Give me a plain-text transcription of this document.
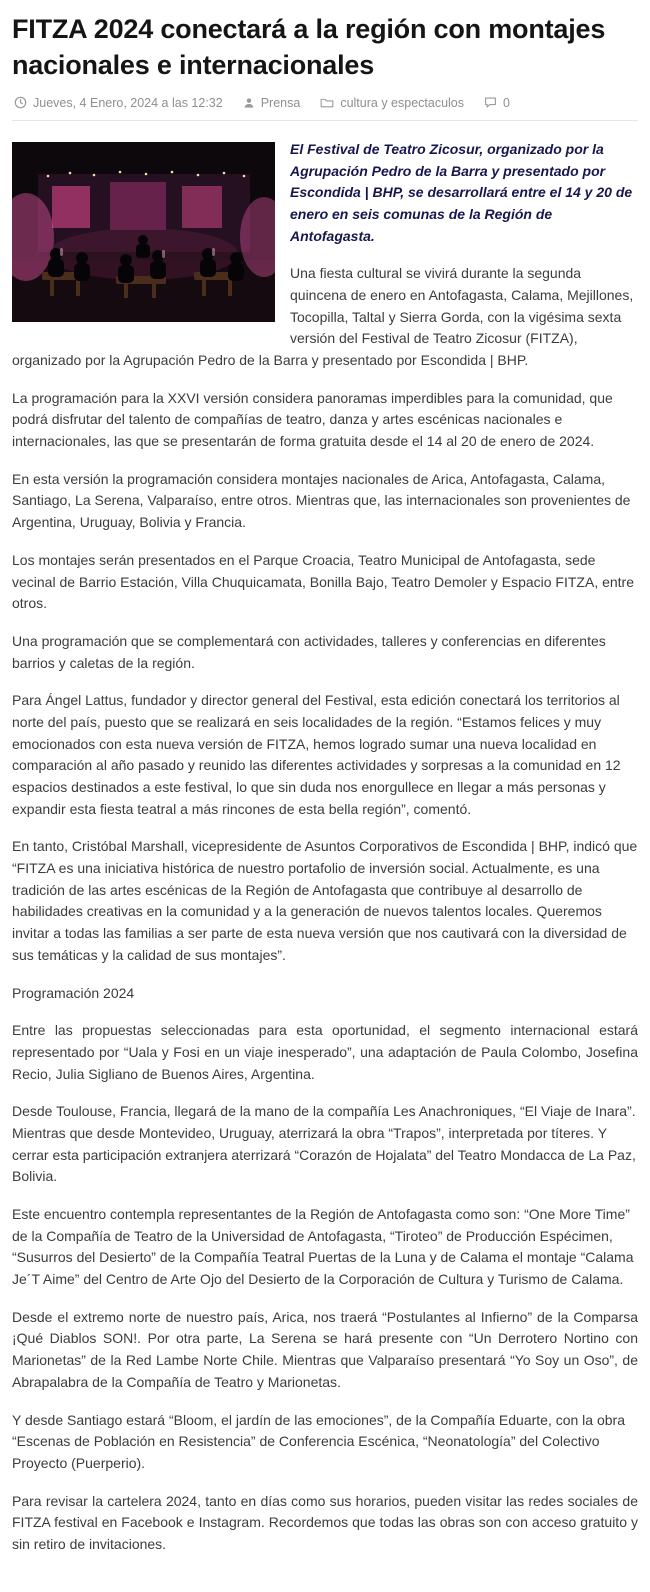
FITZA 2024 conectará a la región con montajes nacionales e internacionales
Jueves, 4 Enero, 2024 a las 12:32	Prensa	cultura y espectaculos	0

El Festival de Teatro Zicosur, organizado por la Agrupación Pedro de la Barra y presentado por Escondida | BHP, se desarrollará entre el 14 y 20 de enero en seis comunas de la Región de Antofagasta.

Una fiesta cultural se vivirá durante la segunda quincena de enero en Antofagasta, Calama, Mejillones, Tocopilla, Taltal y Sierra Gorda, con la vigésima sexta versión del Festival de Teatro Zicosur (FITZA), organizado por la Agrupación Pedro de la Barra y presentado por Escondida | BHP.

La programación para la XXVI versión considera panoramas imperdibles para la comunidad, que podrá disfrutar del talento de compañías de teatro, danza y artes escénicas nacionales e internacionales, las que se presentarán de forma gratuita desde el 14 al 20 de enero de 2024.

En esta versión la programación considera montajes nacionales de Arica, Antofagasta, Calama, Santiago, La Serena, Valparaíso, entre otros. Mientras que, las internacionales son provenientes de Argentina, Uruguay, Bolivia y Francia.

Los montajes serán presentados en el Parque Croacia, Teatro Municipal de Antofagasta, sede vecinal de Barrio Estación, Villa Chuquicamata, Bonilla Bajo, Teatro Demoler y Espacio FITZA, entre otros.

Una programación que se complementará con actividades, talleres y conferencias en diferentes barrios y caletas de la región.

Para Ángel Lattus, fundador y director general del Festival, esta edición conectará los territorios al norte del país, puesto que se realizará en seis localidades de la región. “Estamos felices y muy emocionados con esta nueva versión de FITZA, hemos logrado sumar una nueva localidad en comparación al año pasado y reunido las diferentes actividades y sorpresas a la comunidad en 12 espacios destinados a este festival, lo que sin duda nos enorgullece en llegar a más personas y expandir esta fiesta teatral a más rincones de esta bella región”, comentó.

En tanto, Cristóbal Marshall, vicepresidente de Asuntos Corporativos de Escondida | BHP, indicó que “FITZA es una iniciativa histórica de nuestro portafolio de inversión social. Actualmente, es una tradición de las artes escénicas de la Región de Antofagasta que contribuye al desarrollo de habilidades creativas en la comunidad y a la generación de nuevos talentos locales. Queremos invitar a todas las familias a ser parte de esta nueva versión que nos cautivará con la diversidad de sus temáticas y la calidad de sus montajes”.

Programación 2024

Entre las propuestas seleccionadas para esta oportunidad, el segmento internacional estará representado por “Uala y Fosi en un viaje inesperado”, una adaptación de Paula Colombo, Josefina Recio, Julia Sigliano de Buenos Aires, Argentina.

Desde Toulouse, Francia, llegará de la mano de la compañía Les Anachroniques, “El Viaje de Inara”. Mientras que desde Montevideo, Uruguay, aterrizará la obra “Trapos”, interpretada por títeres. Y cerrar esta participación extranjera aterrizará “Corazón de Hojalata” del Teatro Mondacca de La Paz, Bolivia.

Este encuentro contempla representantes de la Región de Antofagasta como son: “One More Time” de la Compañía de Teatro de la Universidad de Antofagasta, “Tiroteo” de Producción Espécimen, “Susurros del Desierto” de la Compañía Teatral Puertas de la Luna y de Calama el montaje “Calama Je´T Aime” del Centro de Arte Ojo del Desierto de la Corporación de Cultura y Turismo de Calama.

Desde el extremo norte de nuestro país, Arica, nos traerá “Postulantes al Infierno” de la Comparsa ¡Qué Diablos SON!. Por otra parte, La Serena se hará presente con “Un Derrotero Nortino con Marionetas” de la Red Lambe Norte Chile. Mientras que Valparaíso presentará “Yo Soy un Oso”, de Abrapalabra de la Compañía de Teatro y Marionetas.

Y desde Santiago estará “Bloom, el jardín de las emociones”, de la Compañía Eduarte, con la obra “Escenas de Población en Resistencia” de Conferencia Escénica, “Neonatología” del Colectivo Proyecto (Puerperio).

Para revisar la cartelera 2024, tanto en días como sus horarios, pueden visitar las redes sociales de FITZA festival en Facebook e Instagram. Recordemos que todas las obras son con acceso gratuito y sin retiro de invitaciones.
